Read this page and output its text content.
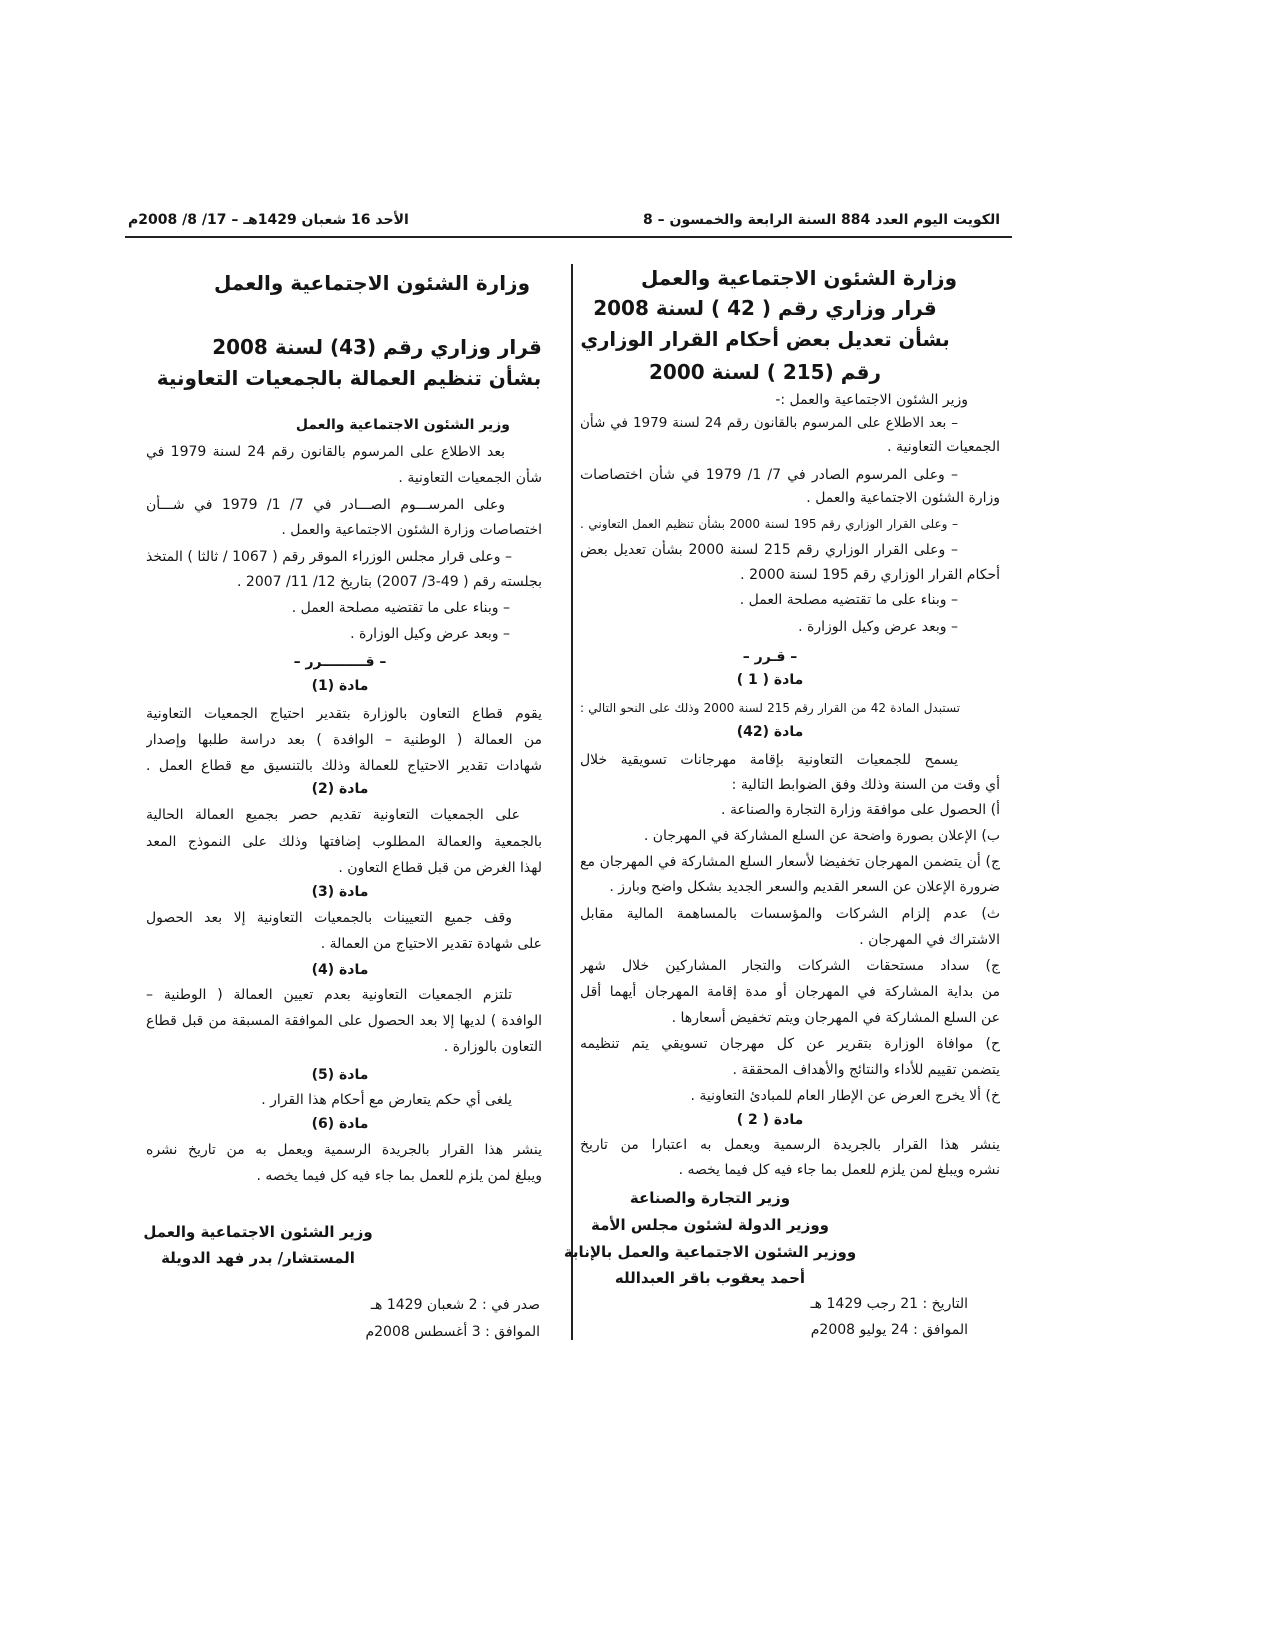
الكويت اليوم العدد 884 السنة الرابعة والخمسون – 8
الأحد 16 شعبان 1429هـ – 17/ 8/ 2008م
وزارة الشئون الاجتماعية والعمل
قرار وزاري رقم ( 42 ) لسنة 2008
بشأن تعديل بعض أحكام القرار الوزاري
رقم (215 ) لسنة 2000
وزير الشئون الاجتماعية والعمل :-
– بعد الاطلاع على المرسوم بالقانون رقم 24 لسنة 1979 في شأن
الجمعيات التعاونية .
– وعلى المرسوم الصادر في 7/ 1/ 1979 في شأن اختصاصات
وزارة الشئون الاجتماعية والعمل .
– وعلى القرار الوزاري رقم 195 لسنة 2000 بشأن تنظيم العمل التعاوني .
– وعلى القرار الوزاري رقم 215 لسنة 2000 بشأن تعديل بعض
أحكام القرار الوزاري رقم 195 لسنة 2000 .
– وبناء على ما تقتضيه مصلحة العمل .
– وبعد عرض وكيل الوزارة .
– قـرر –
مادة ( 1 )
تستبدل المادة 42 من القرار رقم 215 لسنة 2000 وذلك على النحو التالي :
مادة (42)
يسمح للجمعيات التعاونية بإقامة مهرجانات تسويقية خلال
أي وقت من السنة وذلك وفق الضوابط التالية :
أ) الحصول على موافقة وزارة التجارة والصناعة .
ب) الإعلان بصورة واضحة عن السلع المشاركة في المهرجان .
ج) أن يتضمن المهرجان تخفيضا لأسعار السلع المشاركة في المهرجان مع
ضرورة الإعلان عن السعر القديم والسعر الجديد بشكل واضح وبارز .
ث) عدم إلزام الشركات والمؤسسات بالمساهمة المالية مقابل
الاشتراك في المهرجان .
ج) سداد مستحقات الشركات والتجار المشاركين خلال شهر
من بداية المشاركة في المهرجان أو مدة إقامة المهرجان أيهما أقل
عن السلع المشاركة في المهرجان ويتم تخفيض أسعارها .
ح) موافاة الوزارة بتقرير عن كل مهرجان تسويقي يتم تنظيمه
يتضمن تقييم للأداء والنتائج والأهداف المحققة .
خ) ألا يخرج العرض عن الإطار العام للمبادئ التعاونية .
مادة ( 2 )
ينشر هذا القرار بالجريدة الرسمية ويعمل به اعتبارا من تاريخ
نشره ويبلغ لمن يلزم للعمل بما جاء فيه كل فيما يخصه .
وزير التجارة والصناعة
ووزير الدولة لشئون مجلس الأمة
ووزير الشئون الاجتماعية والعمل بالإنابة
أحمد يعقوب باقر العبدالله
التاريخ : 21 رجب 1429 هـ
الموافق : 24 يوليو 2008م
وزارة الشئون الاجتماعية والعمل
قرار وزاري رقم (43) لسنة 2008
بشأن تنظيم العمالة بالجمعيات التعاونية
وزير الشئون الاجتماعية والعمل
بعد الاطلاع على المرسوم بالقانون رقم 24 لسنة 1979 في
شأن الجمعيات التعاونية .
وعلى المرســـوم الصـــادر في 7/ 1/ 1979 في شـــأن
اختصاصات وزارة الشئون الاجتماعية والعمل .
– وعلى قرار مجلس الوزراء الموقر رقم ( 1067 / ثالثا ) المتخذ
بجلسته رقم ( 49-3/ 2007) بتاريخ 12/ 11/ 2007 .
– وبناء على ما تقتضيه مصلحة العمل .
– وبعد عرض وكيل الوزارة .
– قـــــــــرر –
مادة (1)
يقوم قطاع التعاون بالوزارة بتقدير احتياج الجمعيات التعاونية
من العمالة ( الوطنية – الوافدة ) بعد دراسة طلبها وإصدار
شهادات تقدير الاحتياج للعمالة وذلك بالتنسيق مع قطاع العمل .
مادة (2)
على الجمعيات التعاونية تقديم حصر بجميع العمالة الحالية
بالجمعية والعمالة المطلوب إضافتها وذلك على النموذج المعد
لهذا الغرض من قبل قطاع التعاون .
مادة (3)
وقف جميع التعيينات بالجمعيات التعاونية إلا بعد الحصول
على شهادة تقدير الاحتياج من العمالة .
مادة (4)
تلتزم الجمعيات التعاونية بعدم تعيين العمالة ( الوطنية –
الوافدة ) لديها إلا بعد الحصول على الموافقة المسبقة من قبل قطاع
التعاون بالوزارة .
مادة (5)
يلغى أي حكم يتعارض مع أحكام هذا القرار .
مادة (6)
ينشر هذا القرار بالجريدة الرسمية ويعمل به من تاريخ نشره
ويبلغ لمن يلزم للعمل بما جاء فيه كل فيما يخصه .
وزير الشئون الاجتماعية والعمل
المستشار/ بدر فهد الدويلة
صدر في : 2 شعبان 1429 هـ
الموافق : 3 أغسطس 2008م
